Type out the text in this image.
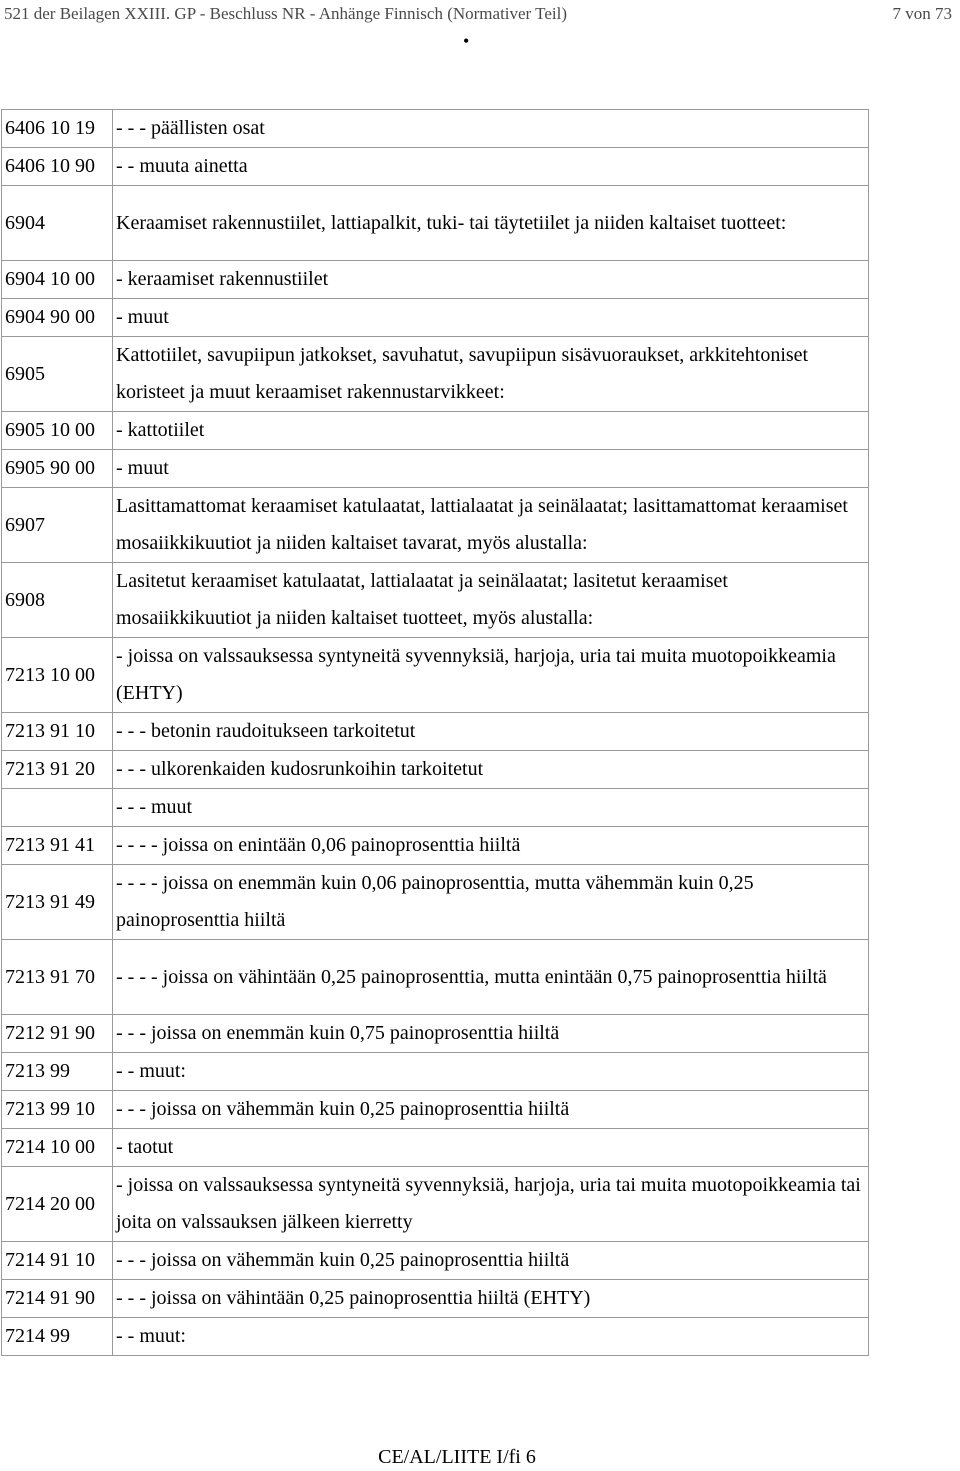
521 der Beilagen XXIII. GP - Beschluss NR - Anhänge Finnisch (Normativer Teil)	7 von 73
•
6406 10 19	- - - päällisten osat
6406 10 90	- - muuta ainetta
6904	Keraamiset rakennustiilet, lattiapalkit, tuki- tai täytetiilet ja niiden kaltaiset tuotteet:
6904 10 00	- keraamiset rakennustiilet
6904 90 00	- muut
6905	Kattotiilet, savupiipun jatkokset, savuhatut, savupiipun sisävuoraukset, arkkitehtoniset koristeet ja muut keraamiset rakennustarvikkeet:
6905 10 00	- kattotiilet
6905 90 00	- muut
6907	Lasittamattomat keraamiset katulaatat, lattialaatat ja seinälaatat; lasittamattomat keraamiset mosaiikkikuutiot ja niiden kaltaiset tavarat, myös alustalla:
6908	Lasitetut keraamiset katulaatat, lattialaatat ja seinälaatat; lasitetut keraamiset mosaiikkikuutiot ja niiden kaltaiset tuotteet, myös alustalla:
7213 10 00	- joissa on valssauksessa syntyneitä syvennyksiä, harjoja, uria tai muita muotopoikkeamia (EHTY)
7213 91 10	- - - betonin raudoitukseen tarkoitetut
7213 91 20	- - - ulkorenkaiden kudosrunkoihin tarkoitetut
	- - - muut
7213 91 41	- - - - joissa on enintään 0,06 painoprosenttia hiiltä
7213 91 49	- - - - joissa on enemmän kuin 0,06 painoprosenttia, mutta vähemmän kuin 0,25 painoprosenttia hiiltä
7213 91 70	- - - - joissa on vähintään 0,25 painoprosenttia, mutta enintään 0,75 painoprosenttia hiiltä
7212 91 90	- - - joissa on enemmän kuin 0,75 painoprosenttia hiiltä
7213 99	- - muut:
7213 99 10	- - - joissa on vähemmän kuin 0,25 painoprosenttia hiiltä
7214 10 00	- taotut
7214 20 00	- joissa on valssauksessa syntyneitä syvennyksiä, harjoja, uria tai muita muotopoikkeamia tai joita on valssauksen jälkeen kierretty
7214 91 10	- - - joissa on vähemmän kuin 0,25 painoprosenttia hiiltä
7214 91 90	- - - joissa on vähintään 0,25 painoprosenttia hiiltä (EHTY)
7214 99	- - muut:
CE/AL/LIITE I/fi 6
